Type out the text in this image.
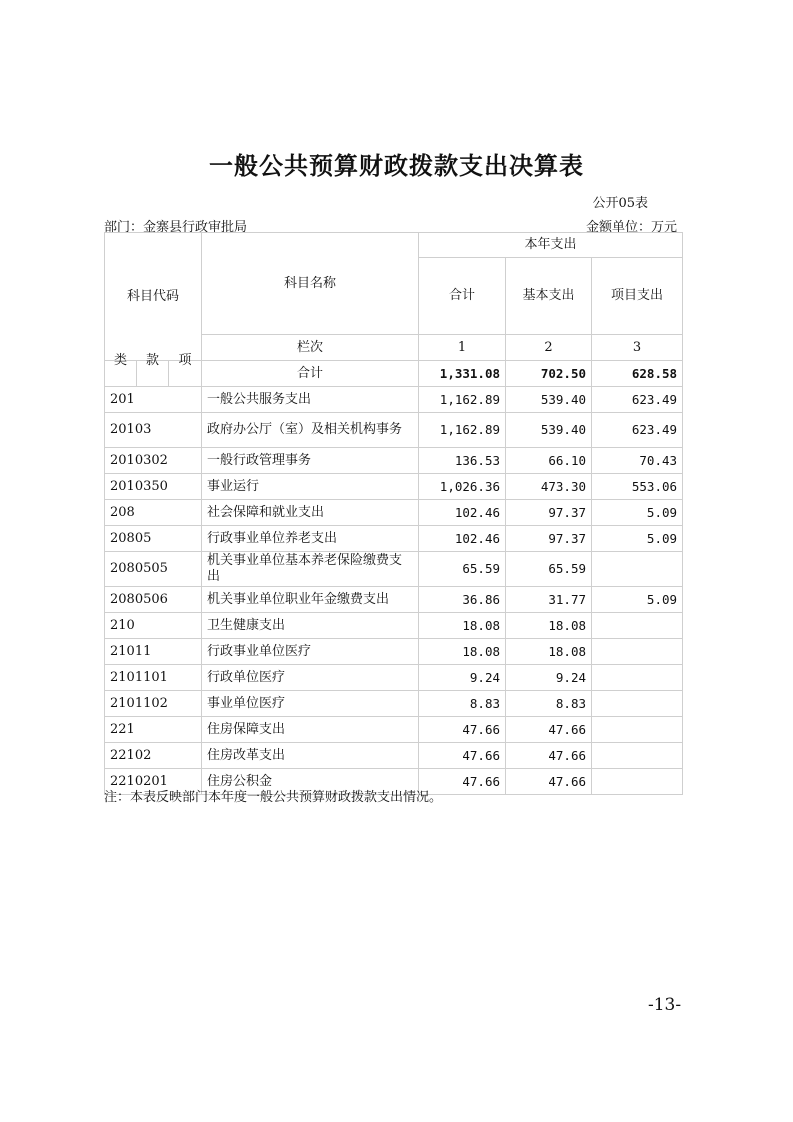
一般公共预算财政拨款支出决算表
公开05表
部门：金寨县行政审批局	金额单位：万元
科目代码			科目名称	本年支出		
				合计	基本支出	项目支出
			栏次	1	2	3
类	款	项	合计	1,331.08	702.50	628.58
201			一般公共服务支出	1,162.89	539.40	623.49
20103			政府办公厅（室）及相关机构事务	1,162.89	539.40	623.49
2010302			一般行政管理事务	136.53	66.10	70.43
2010350			事业运行	1,026.36	473.30	553.06
208			社会保障和就业支出	102.46	97.37	5.09
20805			行政事业单位养老支出	102.46	97.37	5.09
2080505			机关事业单位基本养老保险缴费支出	65.59	65.59	
2080506			机关事业单位职业年金缴费支出	36.86	31.77	5.09
210			卫生健康支出	18.08	18.08	
21011			行政事业单位医疗	18.08	18.08	
2101101			行政单位医疗	9.24	9.24	
2101102			事业单位医疗	8.83	8.83	
221			住房保障支出	47.66	47.66	
22102			住房改革支出	47.66	47.66	
2210201			住房公积金	47.66	47.66	
注：本表反映部门本年度一般公共预算财政拨款支出情况。
-13-
